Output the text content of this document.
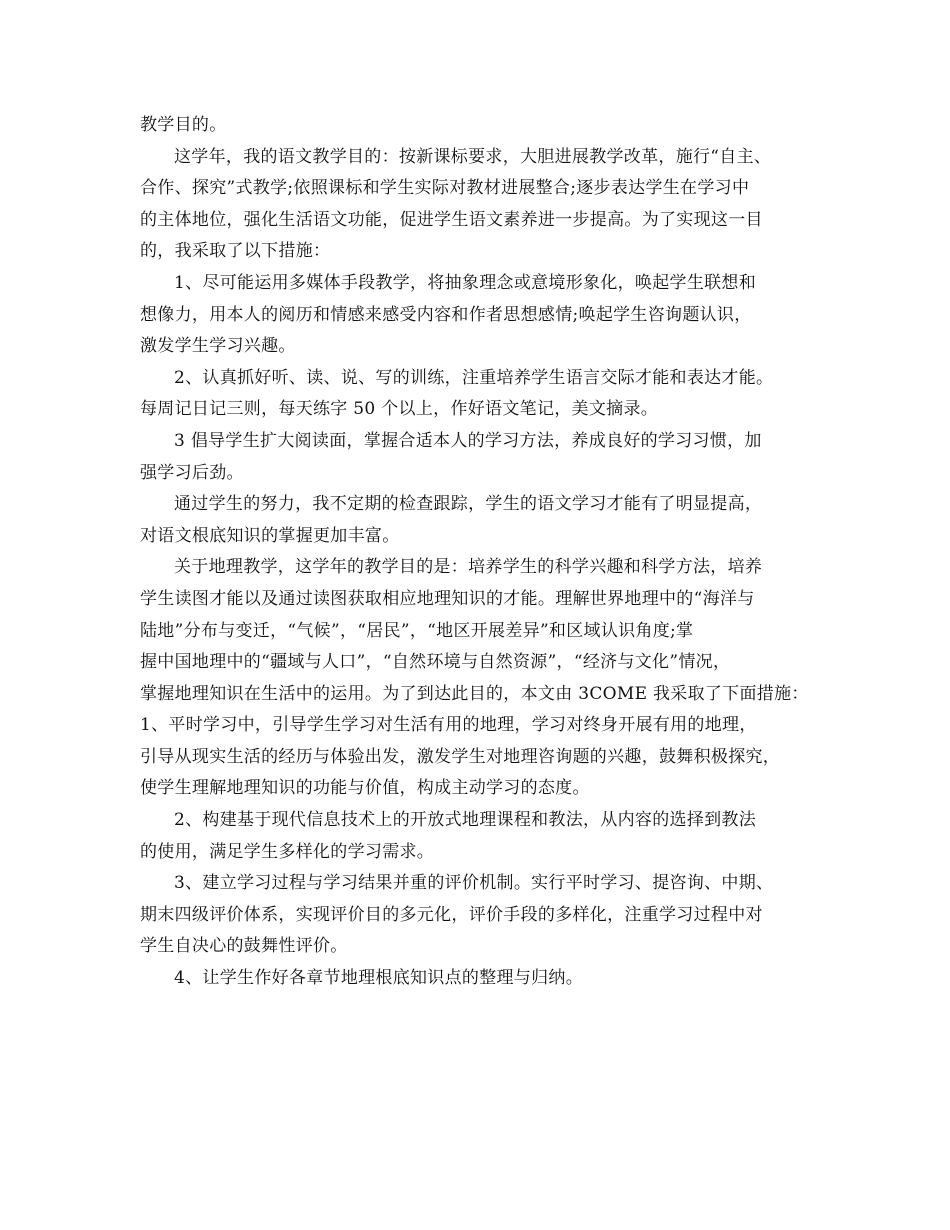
教学目的。
这学年，我的语文教学目的：按新课标要求，大胆进展教学改革，施行“自主、
合作、探究”式教学;依照课标和学生实际对教材进展整合;逐步表达学生在学习中
的主体地位，强化生活语文功能，促进学生语文素养进一步提高。为了实现这一目
的，我采取了以下措施：
1、尽可能运用多媒体手段教学，将抽象理念或意境形象化，唤起学生联想和
想像力，用本人的阅历和情感来感受内容和作者思想感情;唤起学生咨询题认识，
激发学生学习兴趣。
2、认真抓好听、读、说、写的训练，注重培养学生语言交际才能和表达才能。
每周记日记三则，每天练字 50 个以上，作好语文笔记，美文摘录。
3 倡导学生扩大阅读面，掌握合适本人的学习方法，养成良好的学习习惯，加
强学习后劲。
通过学生的努力，我不定期的检查跟踪，学生的语文学习才能有了明显提高，
对语文根底知识的掌握更加丰富。
关于地理教学，这学年的教学目的是：培养学生的科学兴趣和科学方法，培养
学生读图才能以及通过读图获取相应地理知识的才能。理解世界地理中的“海洋与
陆地”分布与变迁，“气候”，“居民”，“地区开展差异”和区域认识角度;掌
握中国地理中的“疆域与人口”，“自然环境与自然资源”，“经济与文化”情况，
掌握地理知识在生活中的运用。为了到达此目的，本文由 3COME 我采取了下面措施：
1、平时学习中，引导学生学习对生活有用的地理，学习对终身开展有用的地理，
引导从现实生活的经历与体验出发，激发学生对地理咨询题的兴趣，鼓舞积极探究，
使学生理解地理知识的功能与价值，构成主动学习的态度。
2、构建基于现代信息技术上的开放式地理课程和教法，从内容的选择到教法
的使用，满足学生多样化的学习需求。
3、建立学习过程与学习结果并重的评价机制。实行平时学习、提咨询、中期、
期末四级评价体系，实现评价目的多元化，评价手段的多样化，注重学习过程中对
学生自决心的鼓舞性评价。
4、让学生作好各章节地理根底知识点的整理与归纳。
